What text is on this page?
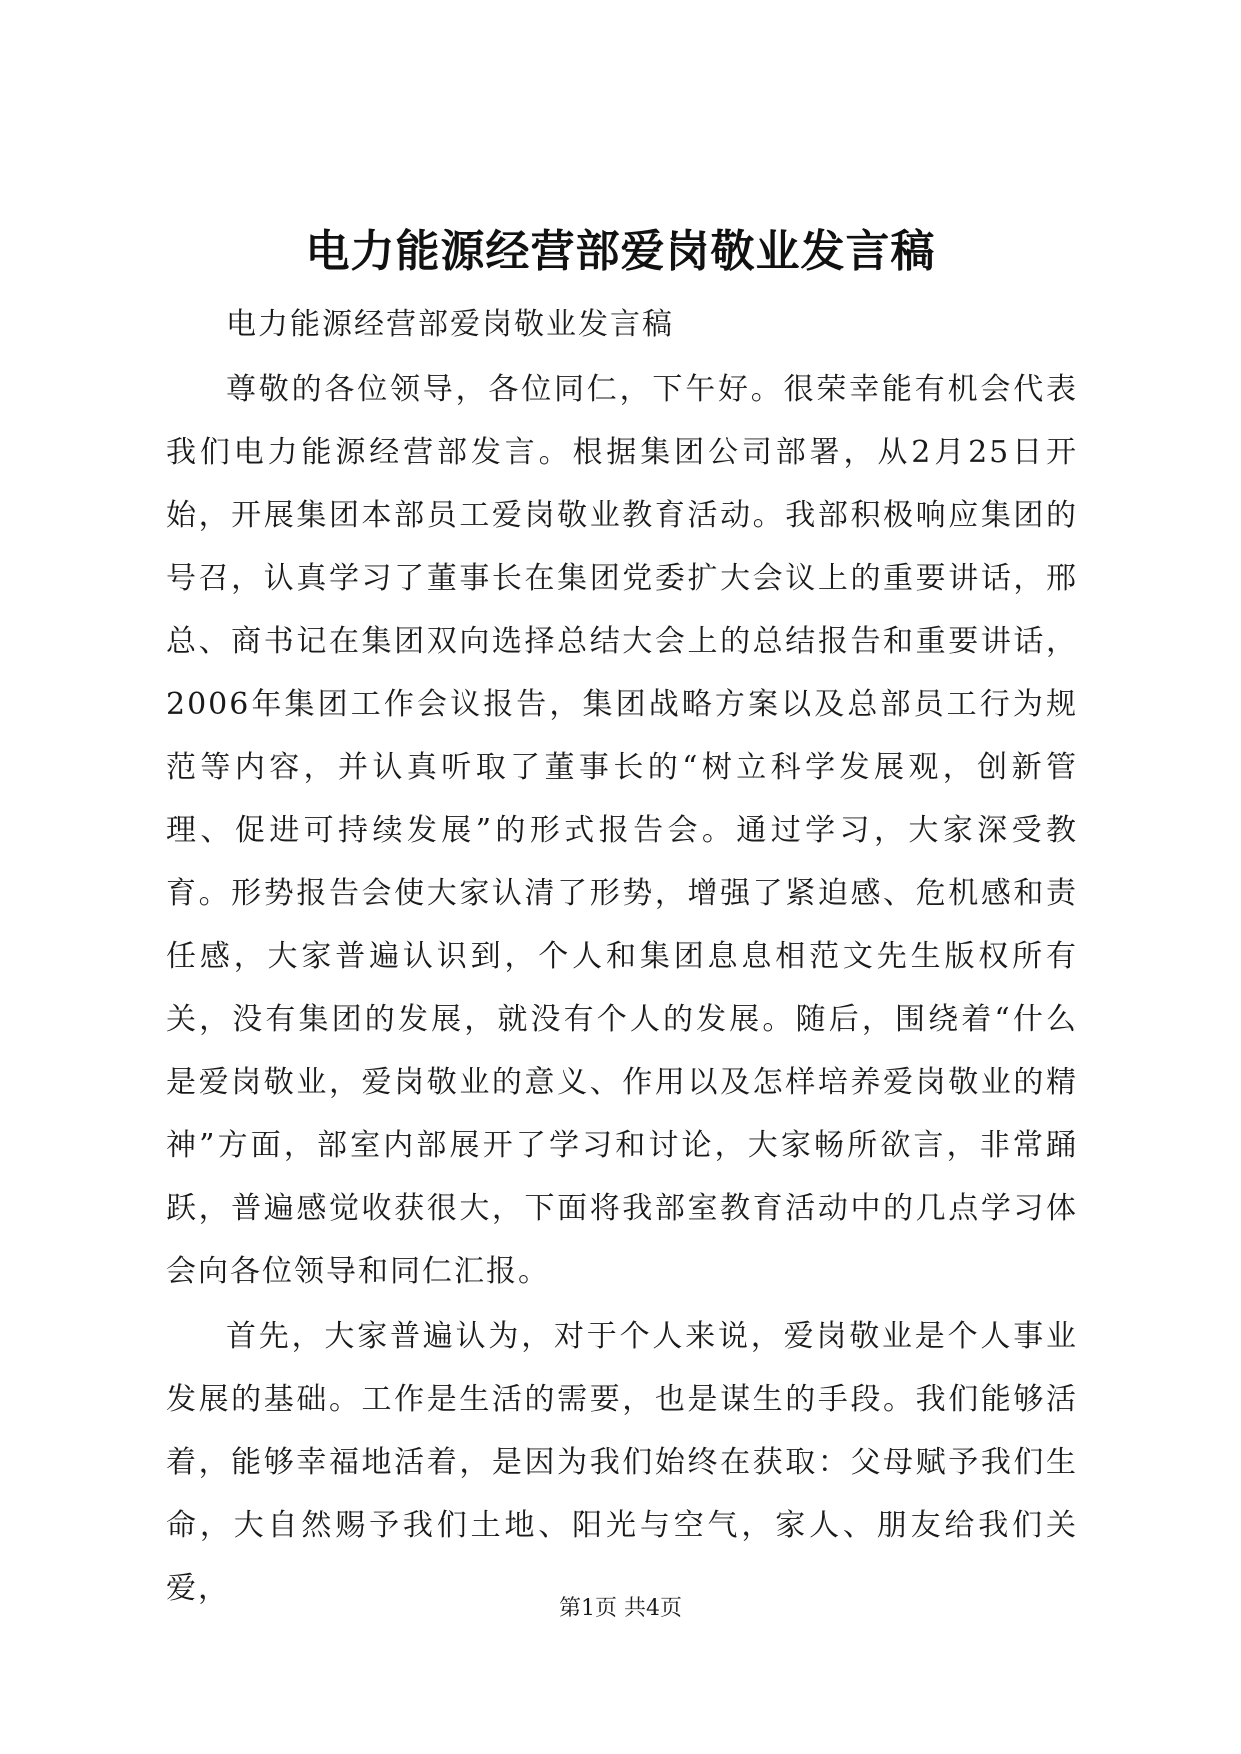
电力能源经营部爱岗敬业发言稿

电力能源经营部爱岗敬业发言稿

尊敬的各位领导，各位同仁，下午好。很荣幸能有机会代表我们电力能源经营部发言。根据集团公司部署，从2月25日开始，开展集团本部员工爱岗敬业教育活动。我部积极响应集团的号召，认真学习了董事长在集团党委扩大会议上的重要讲话，邢总、商书记在集团双向选择总结大会上的总结报告和重要讲话，2006年集团工作会议报告，集团战略方案以及总部员工行为规范等内容，并认真听取了董事长的“树立科学发展观，创新管理、促进可持续发展”的形式报告会。通过学习，大家深受教育。形势报告会使大家认清了形势，增强了紧迫感、危机感和责任感，大家普遍认识到，个人和集团息息相范文先生版权所有关，没有集团的发展，就没有个人的发展。随后，围绕着“什么是爱岗敬业，爱岗敬业的意义、作用以及怎样培养爱岗敬业的精神”方面，部室内部展开了学习和讨论，大家畅所欲言，非常踊跃，普遍感觉收获很大，下面将我部室教育活动中的几点学习体会向各位领导和同仁汇报。

首先，大家普遍认为，对于个人来说，爱岗敬业是个人事业发展的基础。工作是生活的需要，也是谋生的手段。我们能够活着，能够幸福地活着，是因为我们始终在获取：父母赋予我们生命，大自然赐予我们土地、阳光与空气，家人、朋友给我们关爱，

第1页 共4页
